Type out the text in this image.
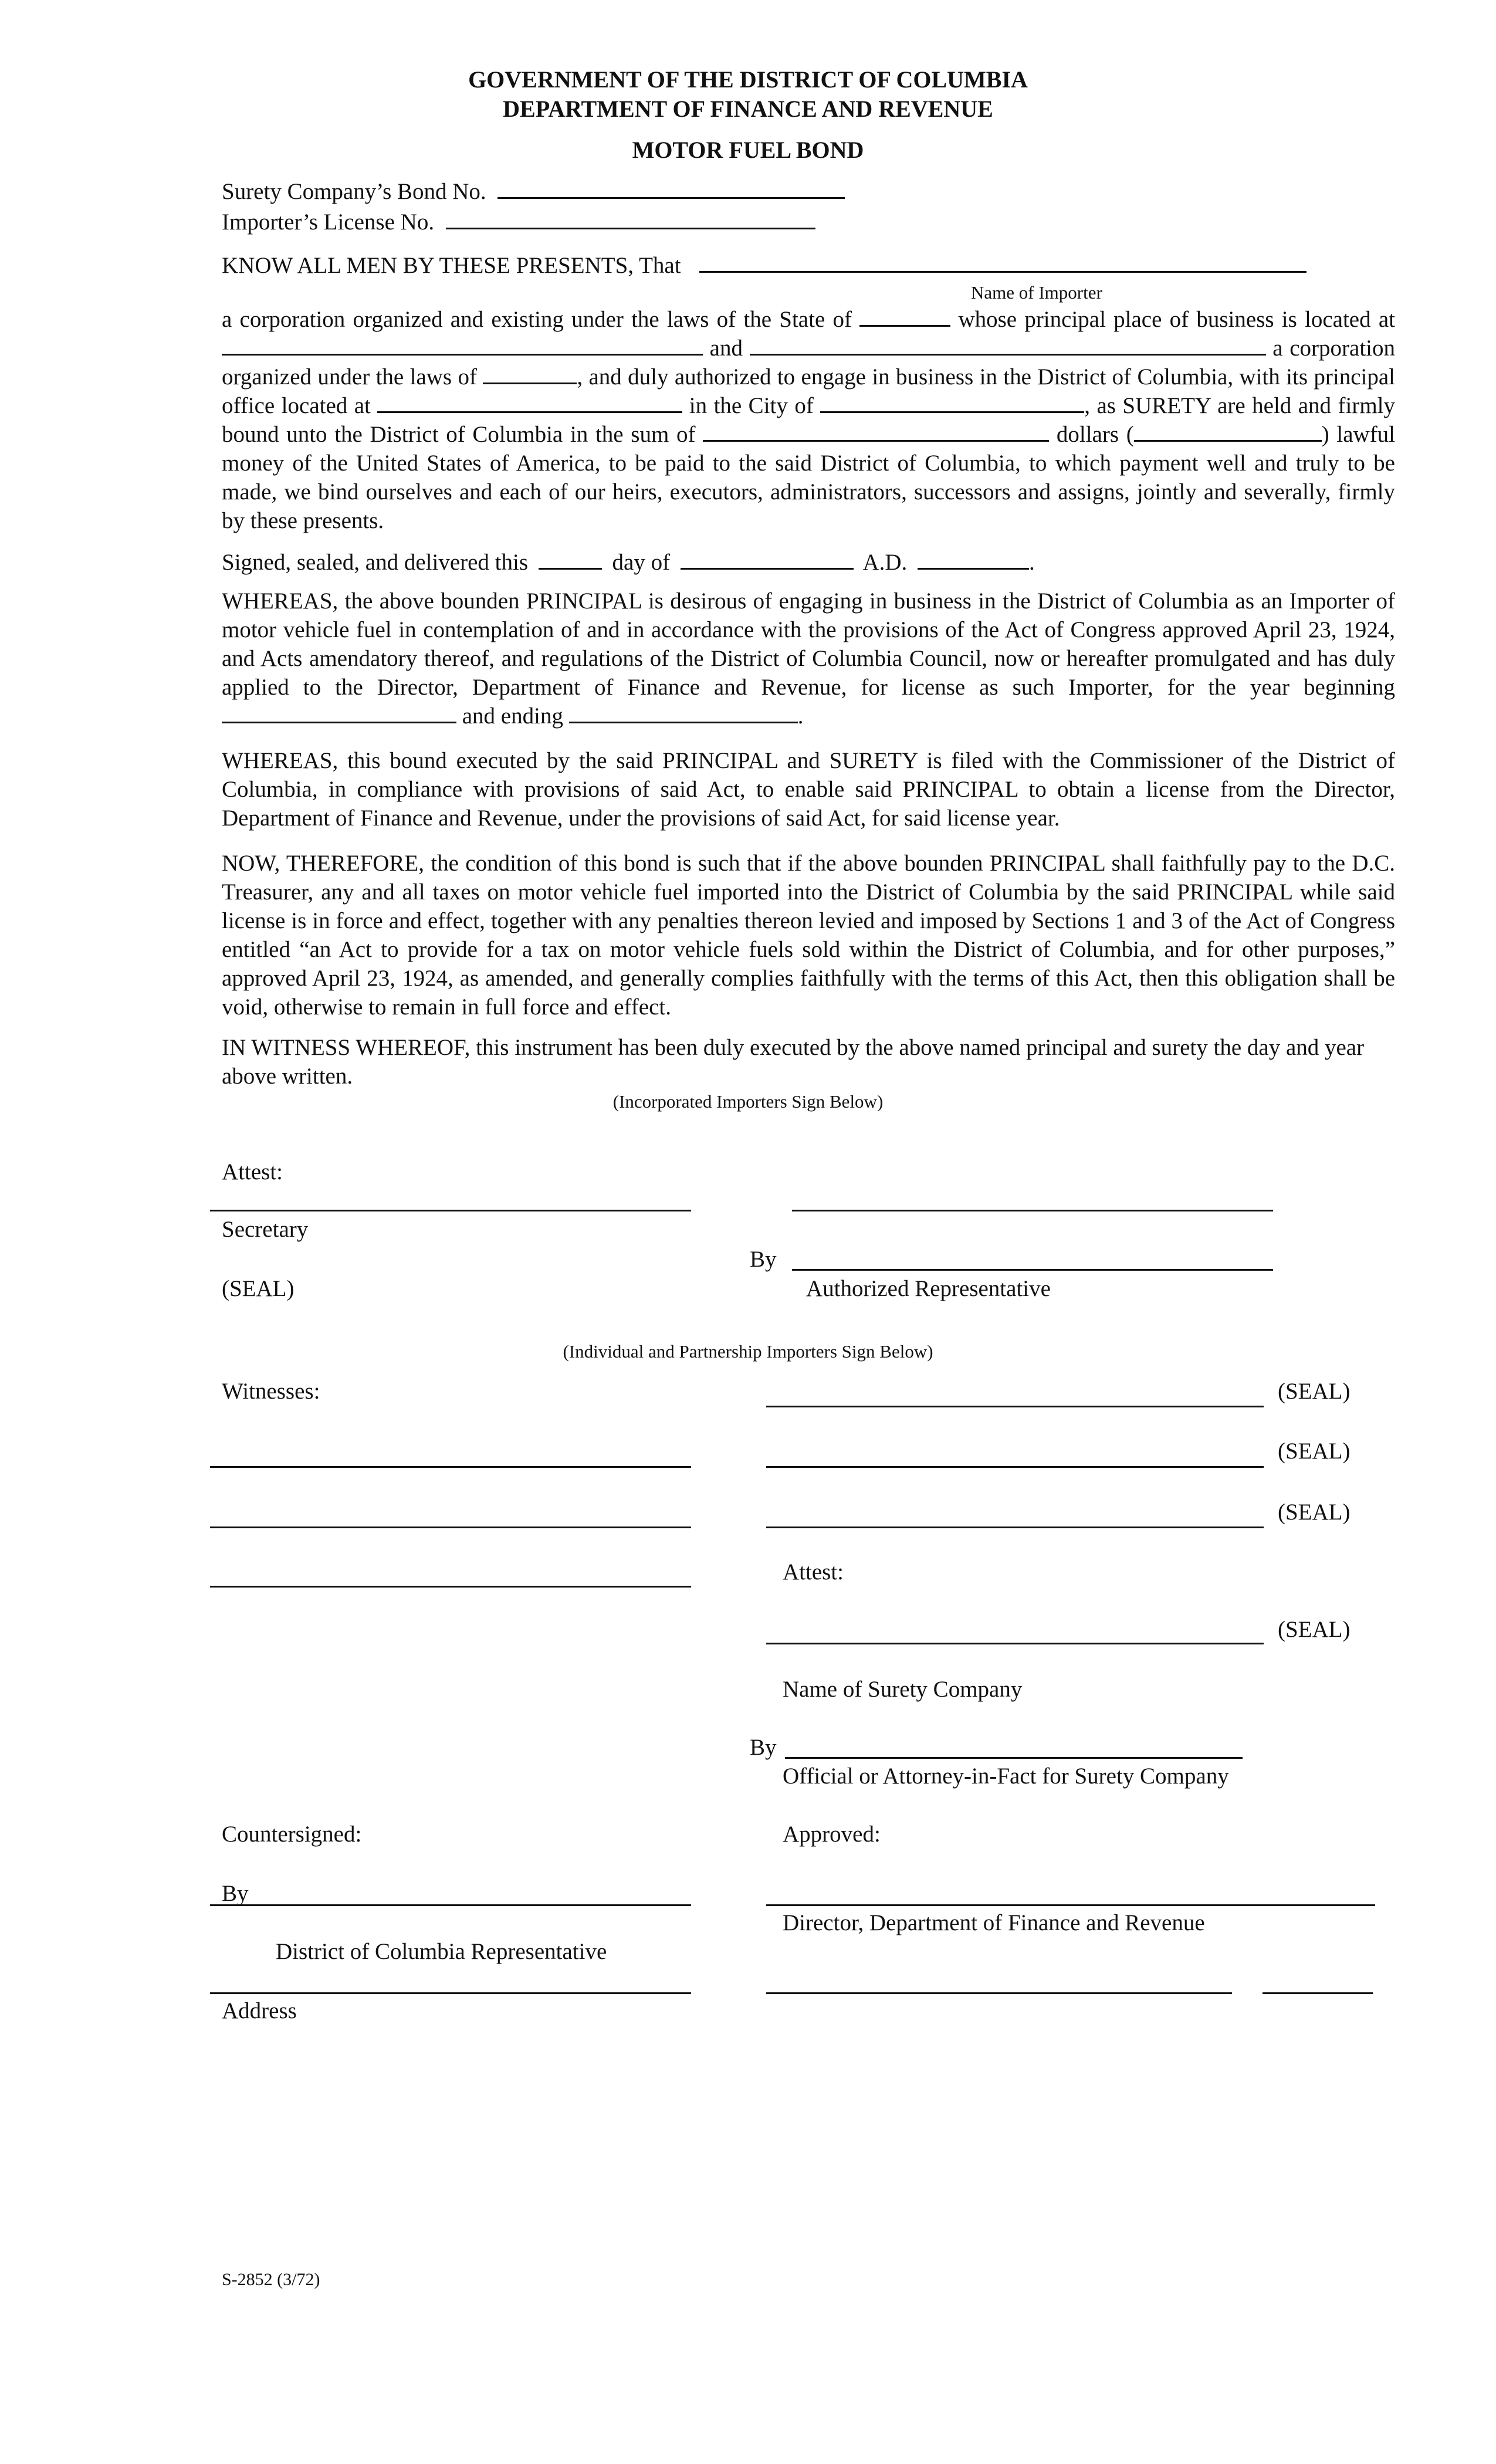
GOVERNMENT OF THE DISTRICT OF COLUMBIA
DEPARTMENT OF FINANCE AND REVENUE
MOTOR FUEL BOND
Surety Company’s Bond No.
Importer’s License No.
KNOW ALL MEN BY THESE PRESENTS, That
Name of Importer
a corporation organized and existing under the laws of the State of	whose principal place of business is located at  and	a corporation organized under the laws of	, and duly authorized to engage in business in the District of Columbia, with its principal office located at	in the City of	, as SURETY are held and firmly bound unto the District of Columbia in the sum of	dollars (	) lawful money of the United States of America, to be paid to the said District of Columbia, to which payment well and truly to be made, we bind ourselves and each of our heirs, executors, administrators, successors and assigns, jointly and severally, firmly by these presents.
Signed, sealed, and delivered this	day of	A.D.	.
WHEREAS, the above bounden PRINCIPAL is desirous of engaging in business in the District of Columbia as an Importer of motor vehicle fuel in contemplation of and in accordance with the provisions of the Act of Congress approved April 23, 1924, and Acts amendatory thereof, and regulations of the District of Columbia Council, now or hereafter promulgated and has duly applied to the Director, Department of Finance and Revenue, for license as such Importer, for the year beginning  and ending	.
WHEREAS, this bound executed by the said PRINCIPAL and SURETY is filed with the Commissioner of the District of Columbia, in compliance with provisions of said Act, to enable said PRINCIPAL to obtain a license from the Director, Department of Finance and Revenue, under the provisions of said Act, for said license year.
NOW, THEREFORE, the condition of this bond is such that if the above bounden PRINCIPAL shall faithfully pay to the D.C. Treasurer, any and all taxes on motor vehicle fuel imported into the District of Columbia by the said PRINCIPAL while said license is in force and effect, together with any penalties thereon levied and imposed by Sections 1 and 3 of the Act of Congress entitled “an Act to provide for a tax on motor vehicle fuels sold within the District of Columbia, and for other purposes,” approved April 23, 1924, as amended, and generally complies faithfully with the terms of this Act, then this obligation shall be void, otherwise to remain in full force and effect.
IN WITNESS WHEREOF, this instrument has been duly executed by the above named principal and surety the day and year above written.
(Incorporated Importers Sign Below)
Attest:
Secretary
By
(SEAL)	Authorized Representative
(Individual and Partnership Importers Sign Below)
Witnesses:	(SEAL)
(SEAL)
(SEAL)
Attest:
(SEAL)
Name of Surety Company
By
Official or Attorney-in-Fact for Surety Company
Countersigned:	Approved:
By
Director, Department of Finance and Revenue
District of Columbia Representative
Address
S-2852 (3/72)
